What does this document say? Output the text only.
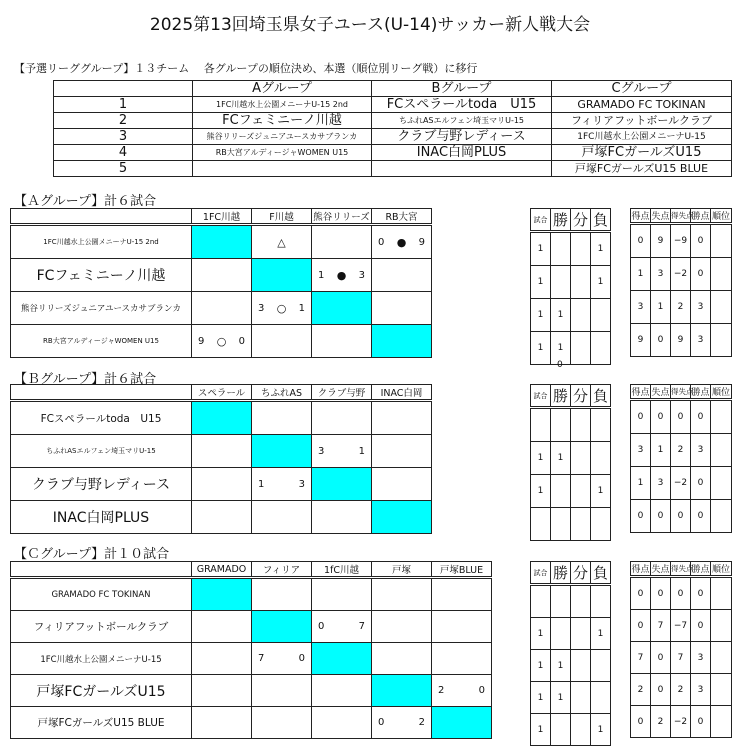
2025第13回埼玉県女子ユース(U-14)サッカー新人戦大会
【予選リーググループ】１３チーム　 各グループの順位決め、本選（順位別リーグ戦）に移行
	Aグループ	Bグループ	Cグループ
1	1FC川越水上公園メニーナU-15 2nd	FCスペラールtoda　U15	GRAMADO FC TOKINAN
2	FCフェミニーノ川越	ちふれASエルフェン埼玉マリU-15	フィリアフットボールクラブ
3	熊谷リリーズジュニアユースカサブランカ	クラブ与野レディース	1FC川越水上公園メニーナU-15
4	RB大宮アルディージャWOMEN U15	INAC白岡PLUS	戸塚FCガールズU15
5			戸塚FCガールズU15 BLUE
【Ａグループ】計６試合
	1FC川越	F川越	熊谷リリーズ	RB大宮
1FC川越水上公園メニーナU-15 2nd		△		0 ● 9

FCフェミニーノ川越			1 ● 3

熊谷リリーズジュニアユースカサブランカ		3 ○ 1

RB大宮アルディージャWOMEN U15	9 ○ 0

試合	勝	分	負
1			1
1			1
1	1		
1	1		
得点	失点	得失点	勝点	順位
0	9	−9	0	
1	3	−2	0	
3	1	2	3	
9	0	9	3	
0
【Ｂグループ】計６試合
	スペラール	ちふれAS	クラブ与野	INAC白岡
FCスペラールtoda　U15				
ちふれASエルフェン埼玉マリU-15			3	1

クラブ与野レディース		1	3

INAC白岡PLUS				
試合	勝	分	負

1	1		
1			1

得点	失点	得失点	勝点	順位
0	0	0	0	
3	1	2	3	
1	3	−2	0	
0	0	0	0	
【Ｃグループ】計１０試合
	GRAMADO	フィリア	1fC川越	戸塚	戸塚BLUE
GRAMADO FC TOKINAN					
フィリアフットボールクラブ			0	7

1FC川越水上公園メニーナU-15		7	0

戸塚FCガールズU15					2	0

戸塚FCガールズU15 BLUE				0	2

試合	勝	分	負

1			1
1	1		
1	1		
1			1
得点	失点	得失点	勝点	順位
0	0	0	0	
0	7	−7	0	
7	0	7	3	
2	0	2	3	
0	2	−2	0	
